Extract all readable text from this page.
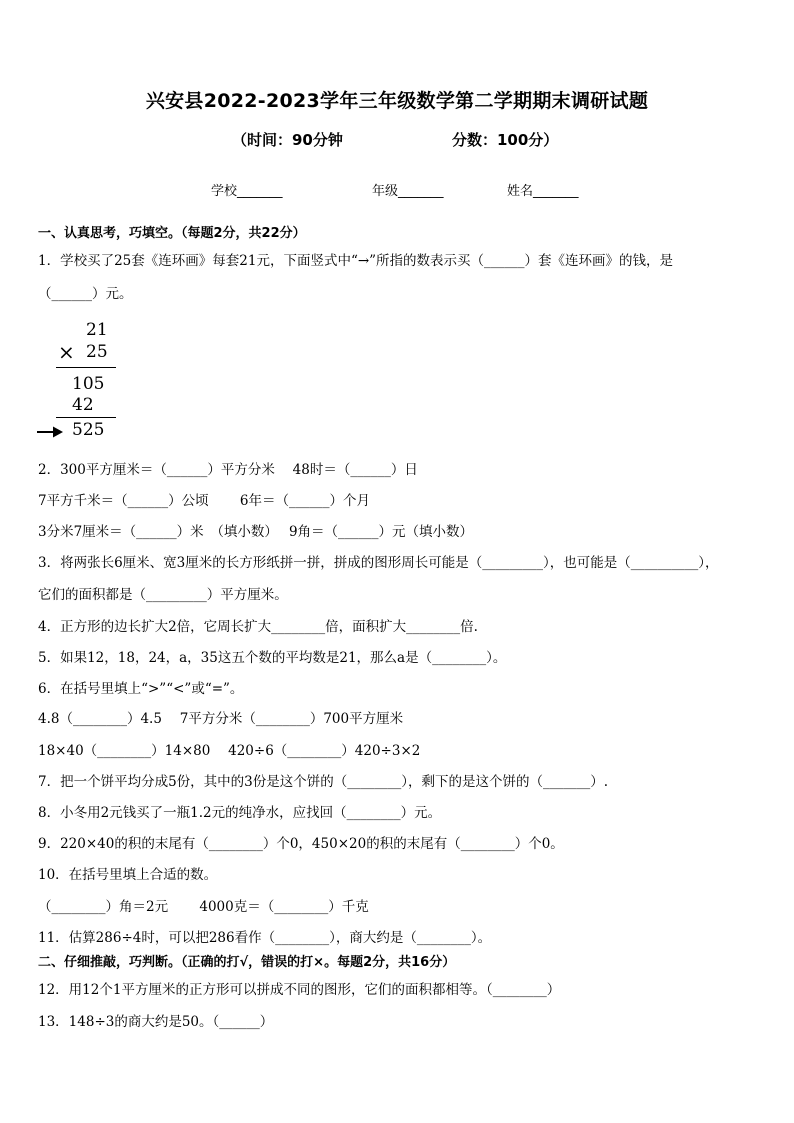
兴安县2022-2023学年三年级数学第二学期期末调研试题
（时间：90分钟	分数：100分）
学校_______	年级_______	姓名_______
一、认真思考，巧填空。（每题2分，共22分）
1．学校买了25套《连环画》每套21元，下面竖式中“→”所指的数表示买（______）套《连环画》的钱，是
（______）元。
21
× 25
105
42
525
2．300平方厘米＝（______）平方分米　 48时＝（______）日
7平方千米＝（______）公顷　　 6年＝（______）个月
3分米7厘米＝（______）米　（填小数）　 9角＝（______）元（填小数）
3．将两张长6厘米、宽3厘米的长方形纸拼一拼，拼成的图形周长可能是（_________），也可能是（__________），
它们的面积都是（_________）平方厘米。
4．正方形的边长扩大2倍，它周长扩大________倍，面积扩大________倍.
5．如果12，18，24，a，35这五个数的平均数是21，那么a是（________）。
6．在括号里填上“>”“<”或“=”。
4.8（________）4.5　 7平方分米（________）700平方厘米
18×40（________）14×80　 420÷6（________）420÷3×2
7．把一个饼平均分成5份，其中的3份是这个饼的（________），剩下的是这个饼的（_______）.
8．小冬用2元钱买了一瓶1.2元的纯净水，应找回（________）元。
9．220×40的积的末尾有（________）个0，450×20的积的末尾有（________）个0。
10．在括号里填上合适的数。
（________）角＝2元　　 4000克＝（________）千克
11．估算286÷4时，可以把286看作（________），商大约是（________）。
二、仔细推敲，巧判断。（正确的打√，错误的打×。每题2分，共16分）
12．用12个1平方厘米的正方形可以拼成不同的图形，它们的面积都相等。（________）
13．148÷3的商大约是50。（______）
